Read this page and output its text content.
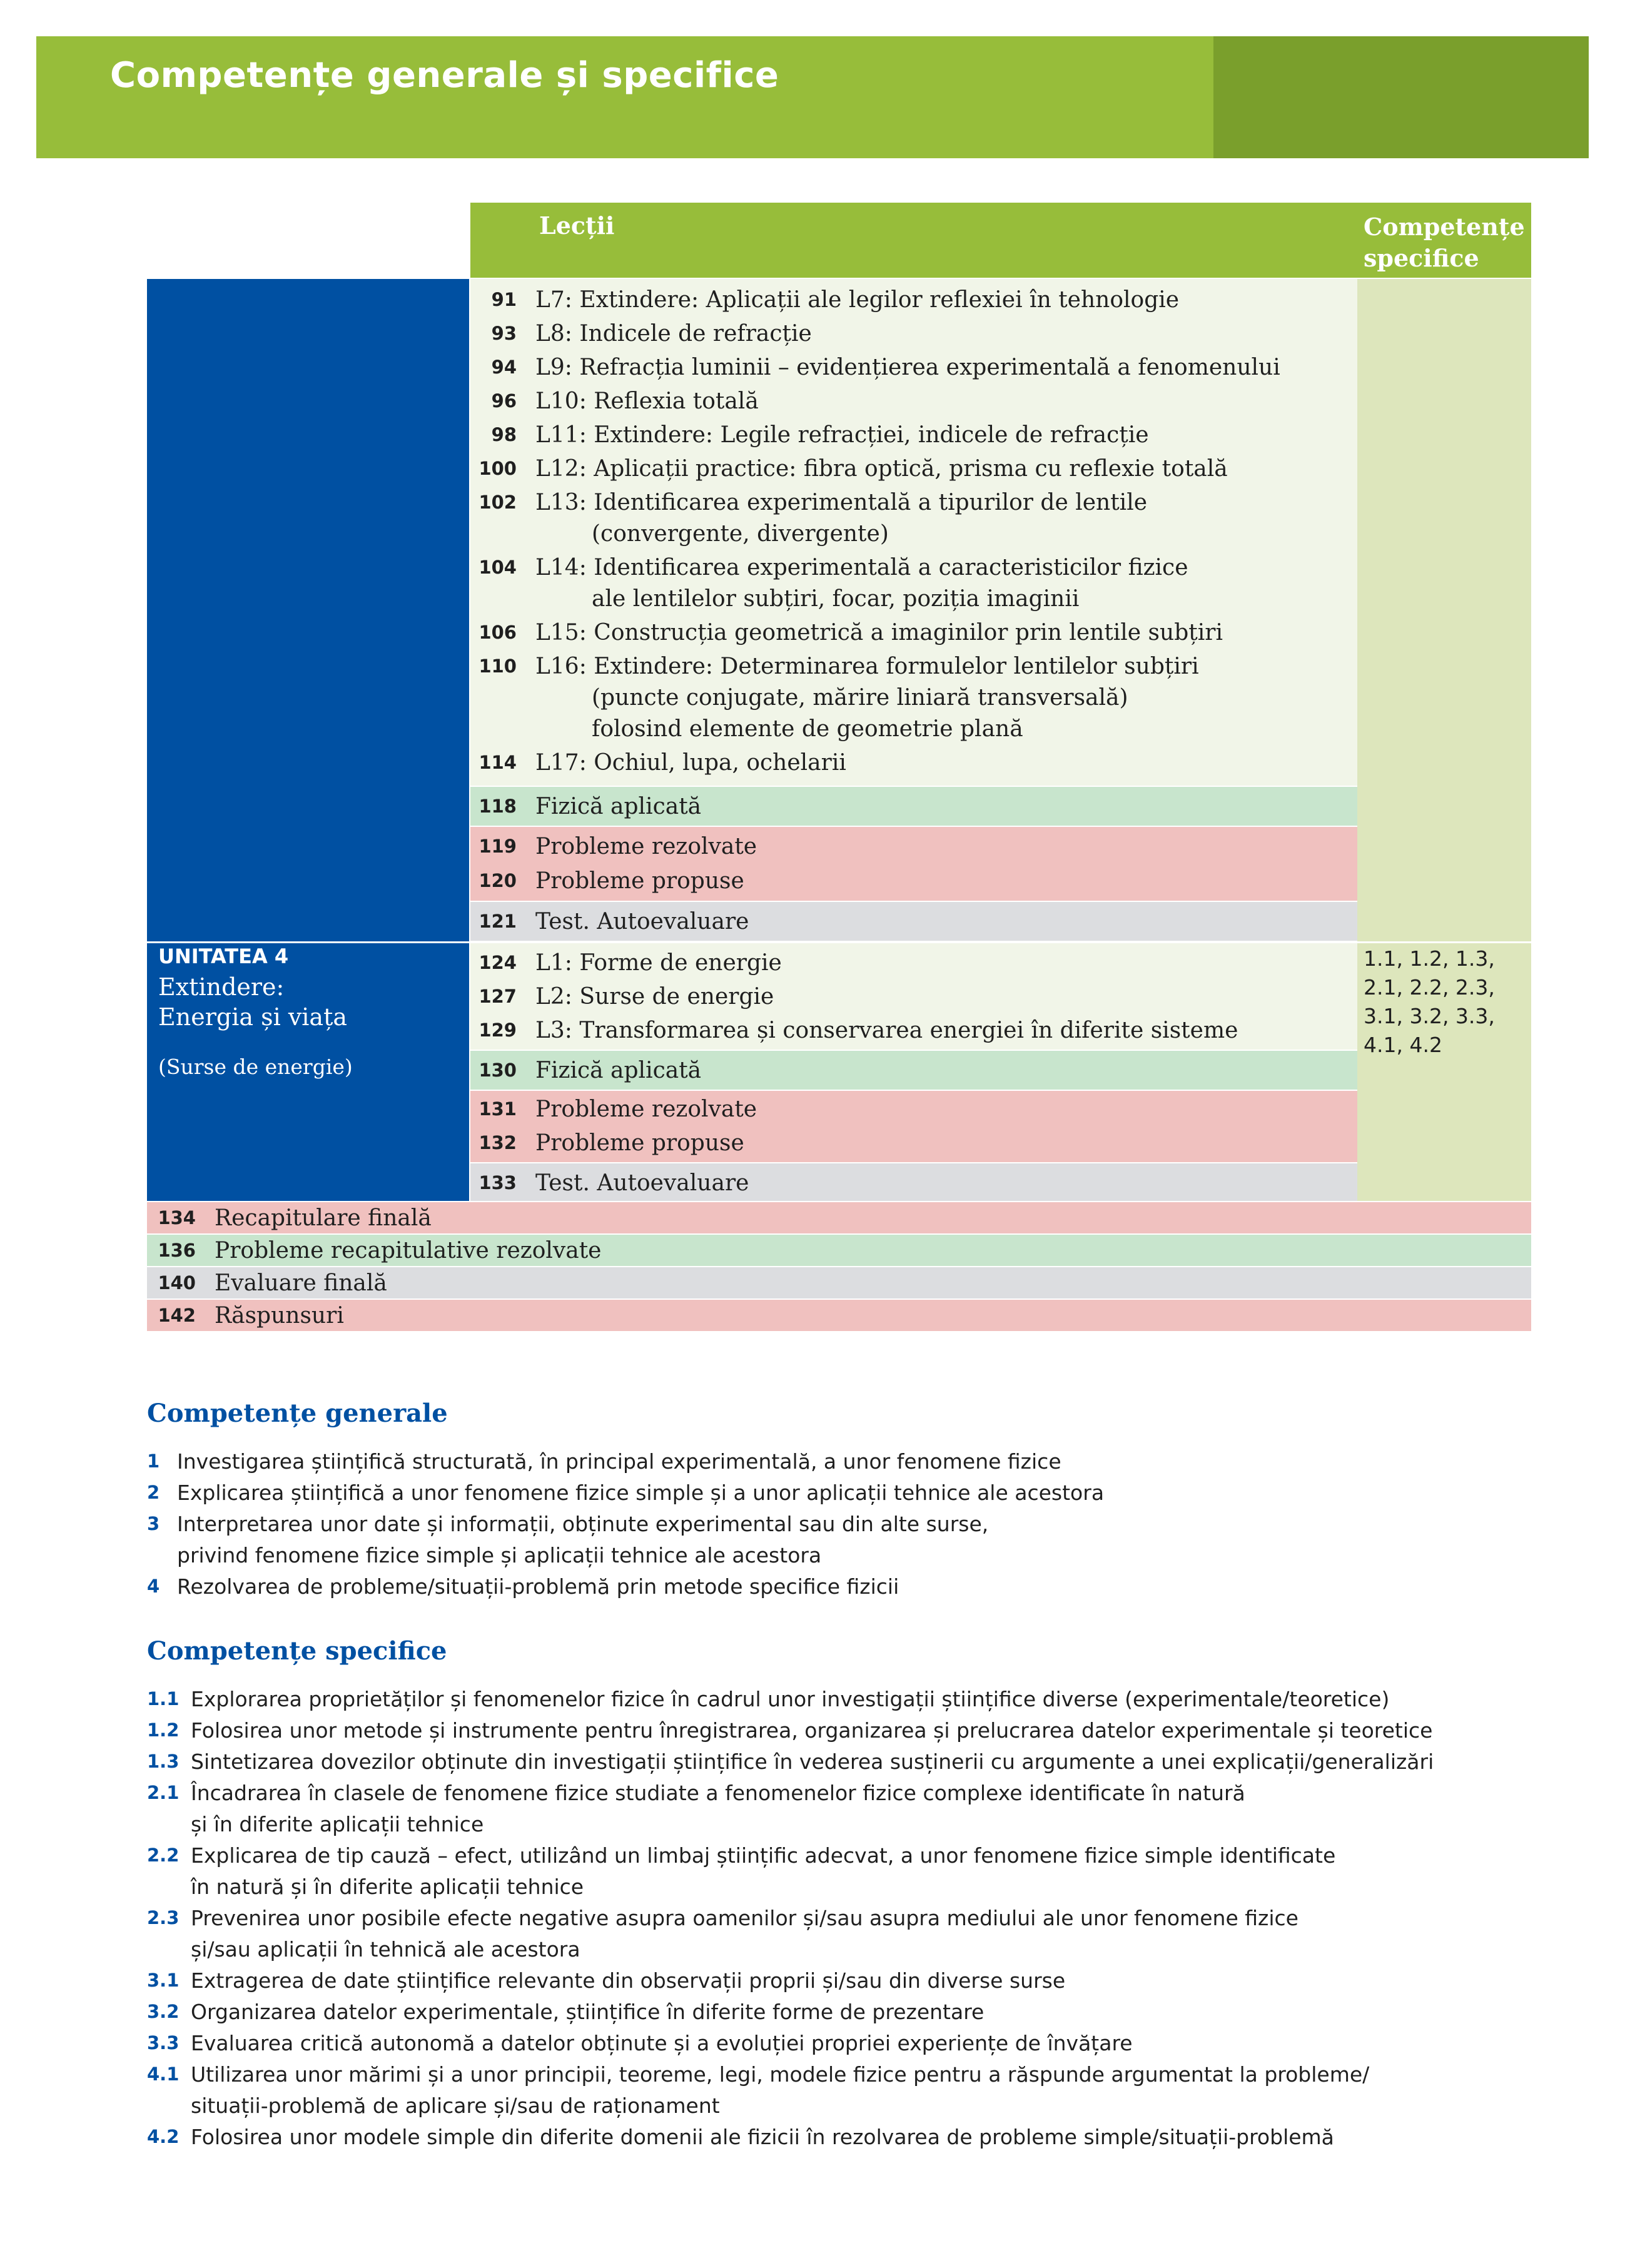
Competențe generale și specifice
Lecții	Competențe specifice
91 L7: Extindere: Aplicații ale legilor reflexiei în tehnologie
93 L8: Indicele de refracție
94 L9: Refracția luminii – evidențierea experimentală a fenomenului
96 L10: Reflexia totală
98 L11: Extindere: Legile refracției, indicele de refracție
100 L12: Aplicații practice: fibra optică, prisma cu reflexie totală
102 L13: Identificarea experimentală a tipurilor de lentile
(convergente, divergente)
104 L14: Identificarea experimentală a caracteristicilor fizice
ale lentilelor subțiri, focar, poziția imaginii
106 L15: Construcția geometrică a imaginilor prin lentile subțiri
110 L16: Extindere: Determinarea formulelor lentilelor subțiri
(puncte conjugate, mărire liniară transversală)
folosind elemente de geometrie plană
114 L17: Ochiul, lupa, ochelarii
118 Fizică aplicată
119 Probleme rezolvate
120 Probleme propuse
121 Test. Autoevaluare
UNITATEA 4
Extindere:
Energia și viața
(Surse de energie)
124 L1: Forme de energie
127 L2: Surse de energie
129 L3: Transformarea și conservarea energiei în diferite sisteme
130 Fizică aplicată
131 Probleme rezolvate
132 Probleme propuse
133 Test. Autoevaluare
1.1, 1.2, 1.3,
2.1, 2.2, 2.3,
3.1, 3.2, 3.3,
4.1, 4.2
134 Recapitulare finală
136 Probleme recapitulative rezolvate
140 Evaluare finală
142 Răspunsuri
Competențe generale
1 Investigarea științifică structurată, în principal experimentală, a unor fenomene fizice
2 Explicarea științifică a unor fenomene fizice simple și a unor aplicații tehnice ale acestora
3 Interpretarea unor date și informații, obținute experimental sau din alte surse,
privind fenomene fizice simple și aplicații tehnice ale acestora
4 Rezolvarea de probleme/situații-problemă prin metode specifice fizicii
Competențe specifice
1.1 Explorarea proprietăților și fenomenelor fizice în cadrul unor investigații științifice diverse (experimentale/teoretice)
1.2 Folosirea unor metode și instrumente pentru înregistrarea, organizarea și prelucrarea datelor experimentale și teoretice
1.3 Sintetizarea dovezilor obținute din investigații științifice în vederea susținerii cu argumente a unei explicații/generalizări
2.1 Încadrarea în clasele de fenomene fizice studiate a fenomenelor fizice complexe identificate în natură
și în diferite aplicații tehnice
2.2 Explicarea de tip cauză – efect, utilizând un limbaj științific adecvat, a unor fenomene fizice simple identificate
în natură și în diferite aplicații tehnice
2.3 Prevenirea unor posibile efecte negative asupra oamenilor și/sau asupra mediului ale unor fenomene fizice
și/sau aplicații în tehnică ale acestora
3.1 Extragerea de date științifice relevante din observații proprii și/sau din diverse surse
3.2 Organizarea datelor experimentale, științifice în diferite forme de prezentare
3.3 Evaluarea critică autonomă a datelor obținute și a evoluției propriei experiențe de învățare
4.1 Utilizarea unor mărimi și a unor principii, teoreme, legi, modele fizice pentru a răspunde argumentat la probleme/
situații-problemă de aplicare și/sau de raționament
4.2 Folosirea unor modele simple din diferite domenii ale fizicii în rezolvarea de probleme simple/situații-problemă
